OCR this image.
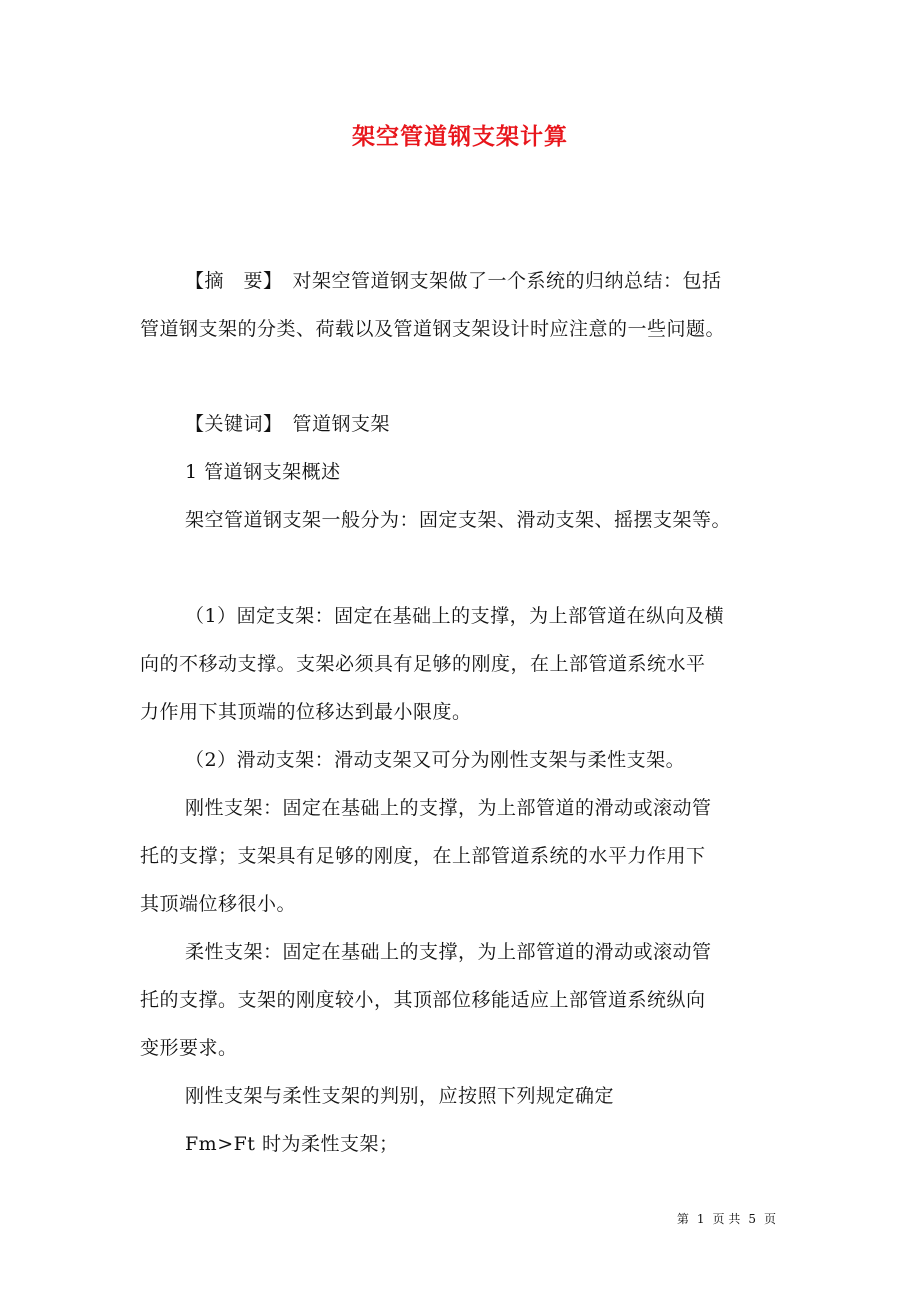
架空管道钢支架计算
【摘　要】　对架空管道钢支架做了一个系统的归纳总结：包括
管道钢支架的分类、荷载以及管道钢支架设计时应注意的一些问题。
【关键词】　管道钢支架
1 管道钢支架概述
架空管道钢支架一般分为：固定支架、滑动支架、摇摆支架等。
（1）固定支架：固定在基础上的支撑，为上部管道在纵向及横
向的不移动支撑。支架必须具有足够的刚度，在上部管道系统水平
力作用下其顶端的位移达到最小限度。
（2）滑动支架：滑动支架又可分为刚性支架与柔性支架。
刚性支架：固定在基础上的支撑，为上部管道的滑动或滚动管
托的支撑；支架具有足够的刚度，在上部管道系统的水平力作用下
其顶端位移很小。
柔性支架：固定在基础上的支撑，为上部管道的滑动或滚动管
托的支撑。支架的刚度较小，其顶部位移能适应上部管道系统纵向
变形要求。
刚性支架与柔性支架的判别，应按照下列规定确定
Fm>Ft 时为柔性支架；
第 1 页 共 5 页
